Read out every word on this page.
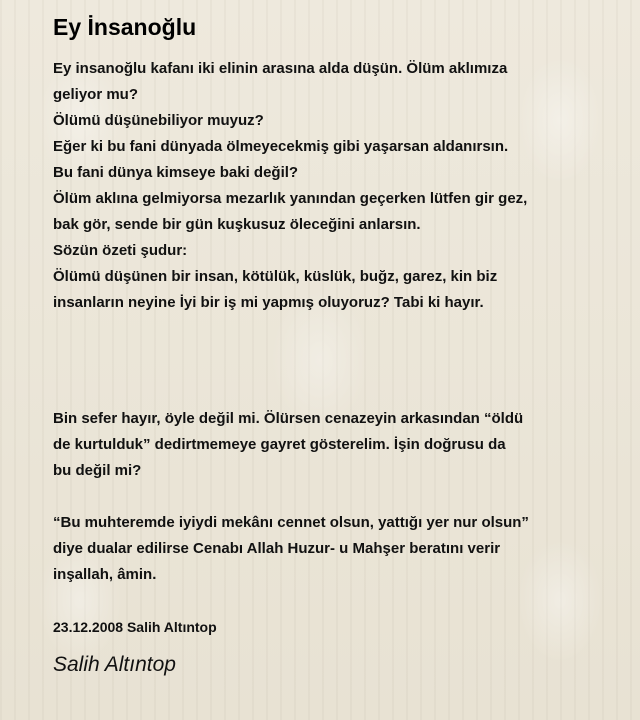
Ey İnsanoğlu
Ey insanoğlu kafanı iki elinin arasına alda düşün. Ölüm aklımıza
geliyor mu?
Ölümü düşünebiliyor muyuz?
Eğer ki bu fani dünyada ölmeyecekmiş gibi yaşarsan aldanırsın.
Bu fani dünya kimseye baki değil?
Ölüm aklına gelmiyorsa mezarlık yanından geçerken lütfen gir gez,
bak gör, sende bir gün kuşkusuz öleceğini anlarsın.
Sözün özeti şudur:
Ölümü düşünen bir insan, kötülük, küslük, buğz, garez, kin biz
insanların neyine İyi bir iş mi yapmış oluyoruz? Tabi ki hayır.
Bin sefer hayır, öyle değil mi. Ölürsen cenazeyin arkasından “öldü
de kurtulduk” dedirtmemeye gayret gösterelim. İşin doğrusu da
bu değil mi?
“Bu muhteremde iyiydi mekânı cennet olsun, yattığı yer nur olsun”
diye dualar edilirse Cenabı Allah Huzur- u Mahşer beratını verir
inşallah, âmin.
23.12.2008 Salih Altıntop
Salih Altıntop
